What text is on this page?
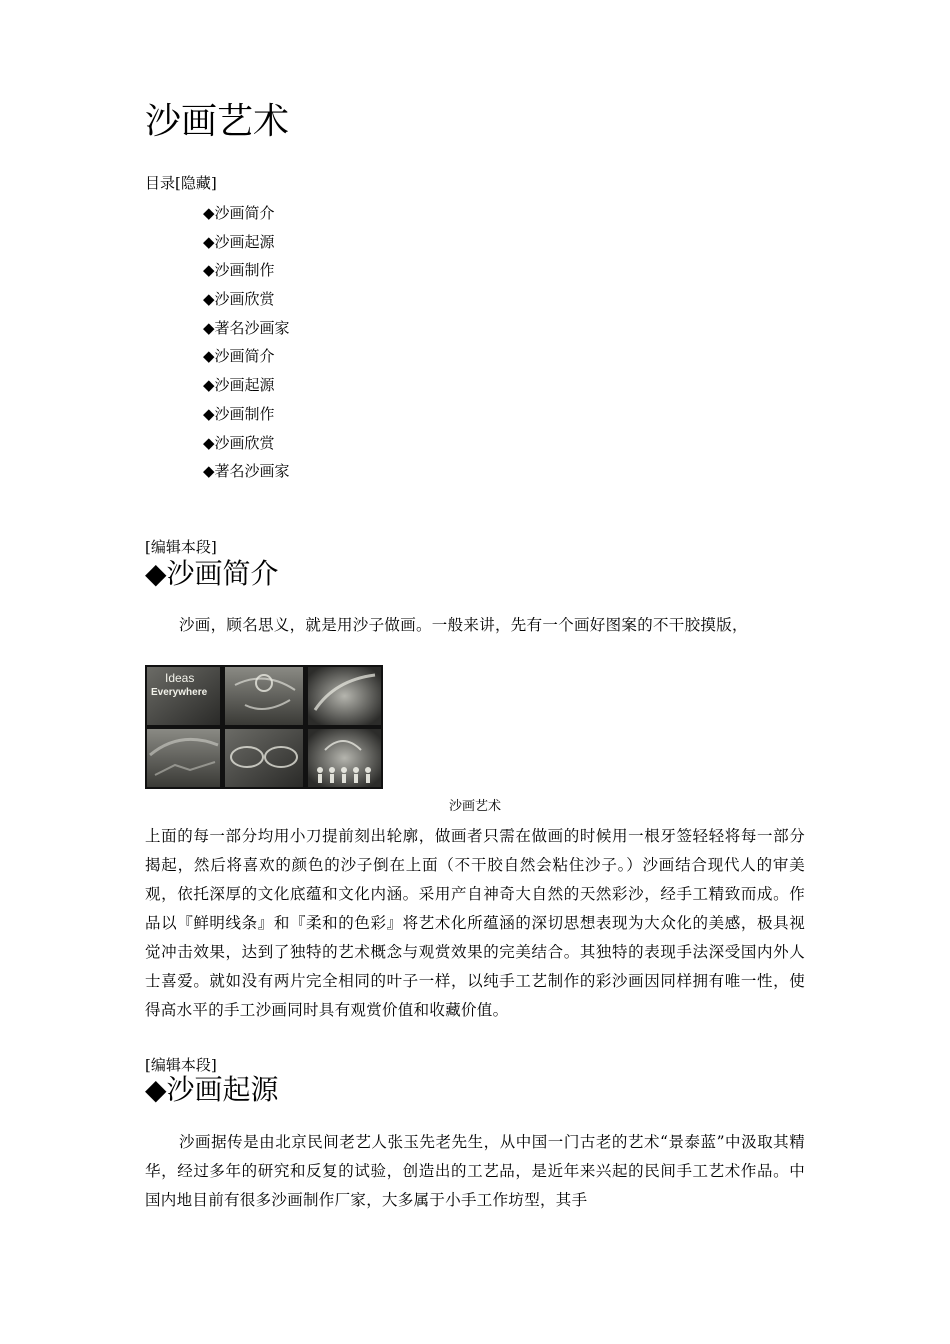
沙画艺术
目录[隐藏]
◆沙画简介
◆沙画起源
◆沙画制作
◆沙画欣赏
◆著名沙画家
◆沙画简介
◆沙画起源
◆沙画制作
◆沙画欣赏
◆著名沙画家
[编辑本段]
◆沙画简介

沙画，顾名思义，就是用沙子做画。一般来讲，先有一个画好图案的不干胶摸版，

Ideas
Everywhere
沙画艺术

上面的每一部分均用小刀提前刻出轮廓，做画者只需在做画的时候用一根牙签轻轻将每一部分揭起，然后将喜欢的颜色的沙子倒在上面（不干胶自然会粘住沙子。）沙画结合现代人的审美观，依托深厚的文化底蕴和文化内涵。采用产自神奇大自然的天然彩沙，经手工精致而成。作品以『鲜明线条』和『柔和的色彩』将艺术化所蕴涵的深切思想表现为大众化的美感，极具视觉冲击效果，达到了独特的艺术概念与观赏效果的完美结合。其独特的表现手法深受国内外人士喜爱。就如没有两片完全相同的叶子一样，以纯手工艺制作的彩沙画因同样拥有唯一性，使得高水平的手工沙画同时具有观赏价值和收藏价值。

[编辑本段]
◆沙画起源

沙画据传是由北京民间老艺人张玉先老先生，从中国一门古老的艺术“景泰蓝”中汲取其精华，经过多年的研究和反复的试验，创造出的工艺品，是近年来兴起的民间手工艺术作品。中国内地目前有很多沙画制作厂家，大多属于小手工作坊型，其手
